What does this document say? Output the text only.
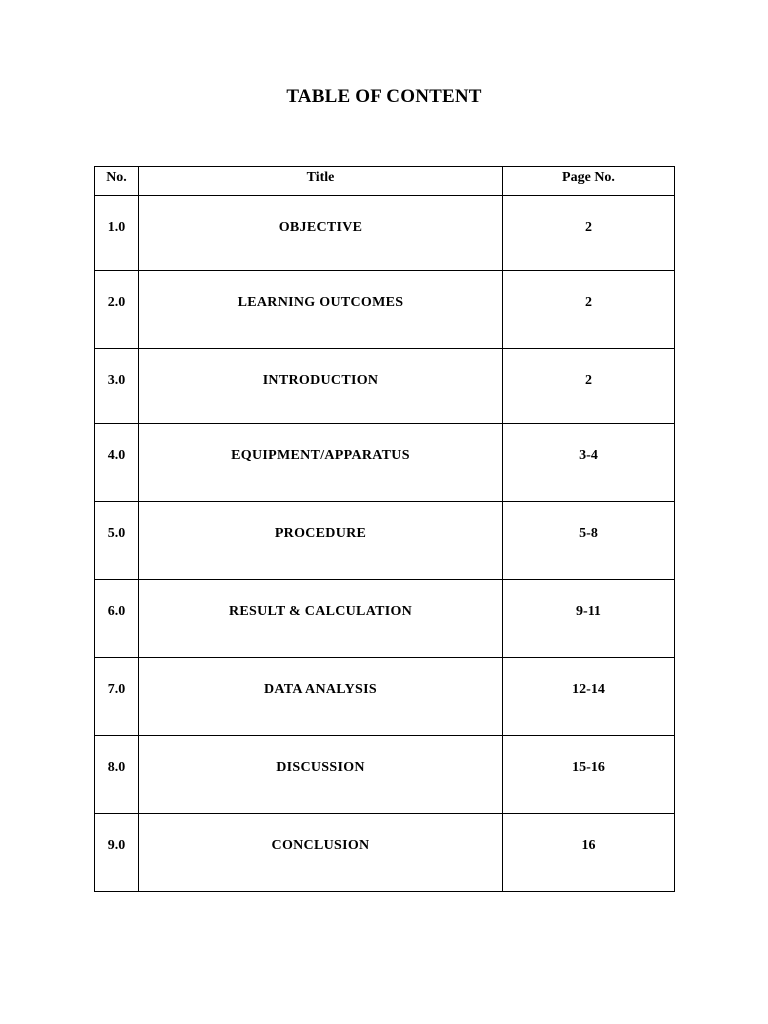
TABLE OF CONTENT
No.	Title	Page No.
1.0	OBJECTIVE	2
2.0	LEARNING OUTCOMES	2
3.0	INTRODUCTION	2
4.0	EQUIPMENT/APPARATUS	3-4
5.0	PROCEDURE	5-8
6.0	RESULT & CALCULATION	9-11
7.0	DATA ANALYSIS	12-14
8.0	DISCUSSION	15-16
9.0	CONCLUSION	16
